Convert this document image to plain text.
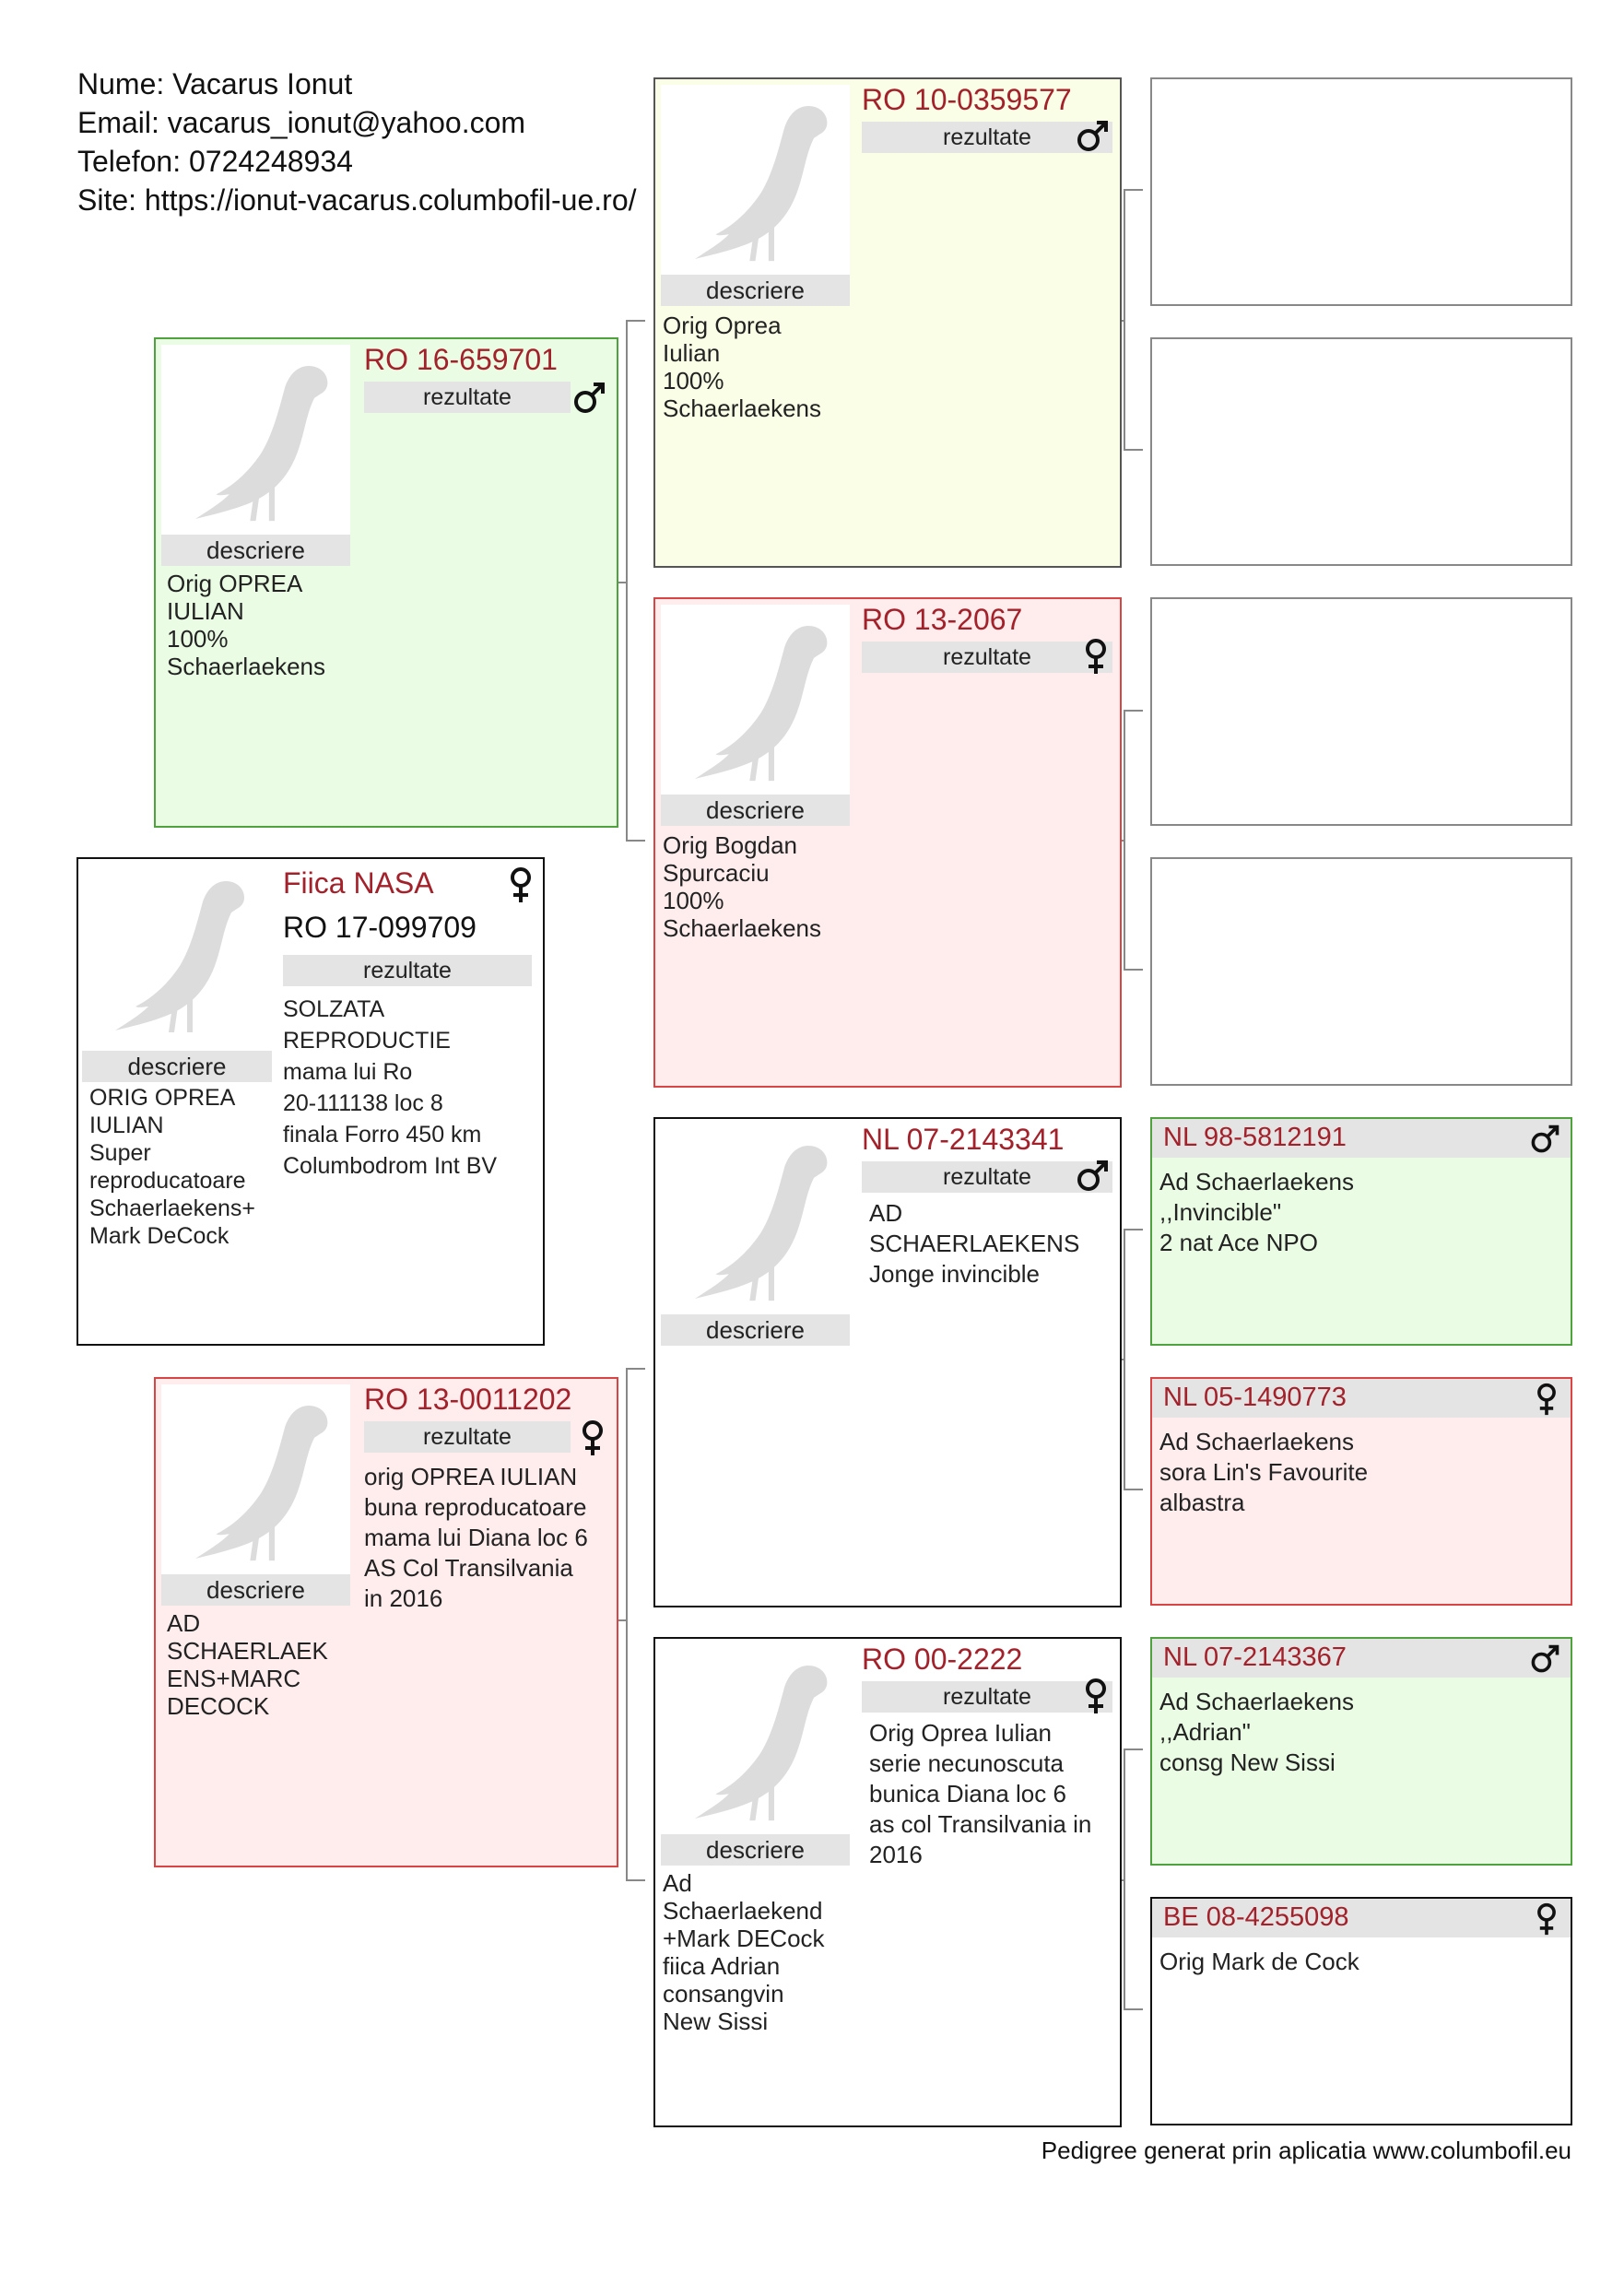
Nume: Vacarus Ionut
Email: vacarus_ionut@yahoo.com
Telefon: 0724248934
Site: https://ionut-vacarus.columbofil-ue.ro/
descriere
ORIG OPREA
IULIAN
Super
reproducatoare
Schaerlaekens+
Mark DeCock
Fiica NASA
RO 17-099709
rezultate
SOLZATA
REPRODUCTIE
mama lui Ro
20-111138 loc 8
finala Forro 450 km
Columbodrom Int BV
descriere
Orig OPREA
IULIAN
100%
Schaerlaekens
RO 16-659701
rezultate
descriere
AD
SCHAERLAEK
ENS+MARC
DECOCK
RO 13-0011202
rezultate
orig OPREA IULIAN
buna reproducatoare
mama lui Diana loc 6
AS Col Transilvania
in 2016
descriere
Orig Oprea
Iulian
100%
Schaerlaekens
RO 10-0359577
rezultate
descriere
Orig Bogdan
Spurcaciu
100%
Schaerlaekens
RO 13-2067
rezultate
descriere
NL 07-2143341
rezultate
AD
SCHAERLAEKENS
Jonge invincible
descriere
Ad
Schaerlaekend
+Mark DECock
fiica Adrian
consangvin
New Sissi
RO 00-2222
rezultate
Orig Oprea Iulian
serie necunoscuta
bunica Diana loc 6
as col Transilvania in
2016
NL 98-5812191
Ad Schaerlaekens
,,Invincible"
2 nat Ace NPO
NL 05-1490773
Ad Schaerlaekens
sora Lin's Favourite
albastra
NL 07-2143367
Ad Schaerlaekens
,,Adrian"
consg New Sissi
BE 08-4255098
Orig Mark de Cock
Pedigree generat prin aplicatia www.columbofil.eu
